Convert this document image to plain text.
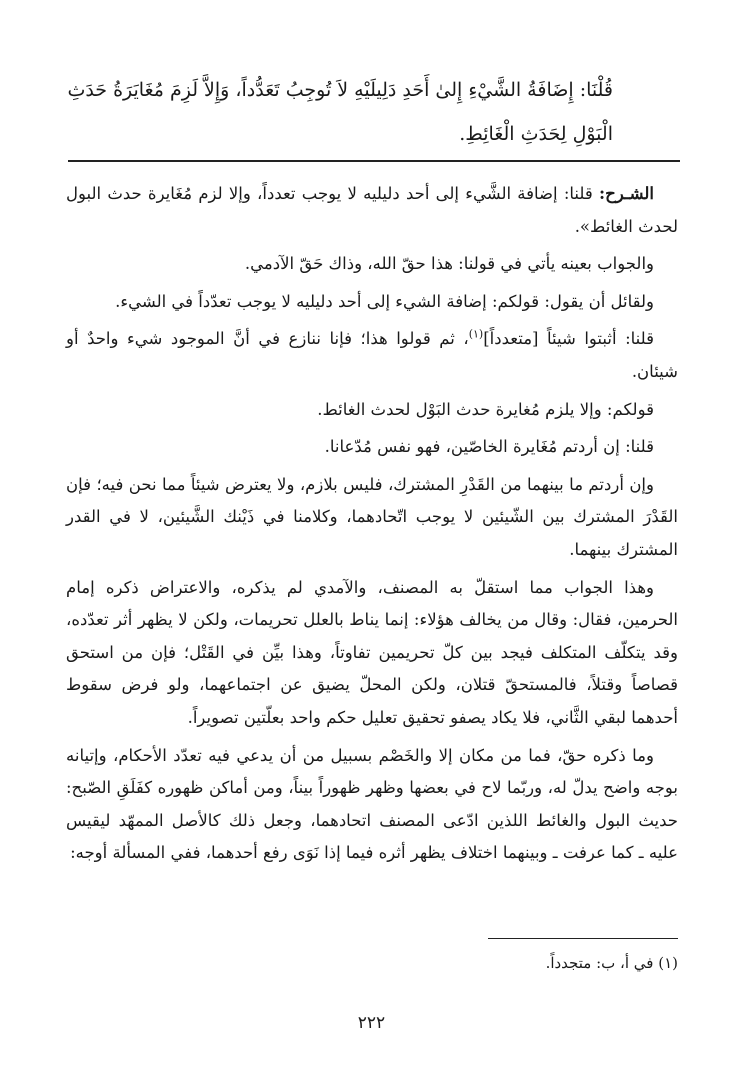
قُلْنَا: إِضَافَةُ الشَّيْءِ إِلىٰ أَحَدِ دَلِيلَيْهِ لاَ تُوجِبُ تَعَدُّداً، وَإِلاَّ لَزِمَ مُغَايَرَةُ حَدَثِ
الْبَوْلِ لِحَدَثِ الْغَائِطِ.

الشـرح: قلنا: إضافة الشَّيء إلى أحد دليليه لا يوجب تعدداً، وإلا لزم مُغَايرة حدث البول لحدث الغائط».

والجواب بعينه يأتي في قولنا: هذا حقّ الله، وذاك حَقّ الآدمي.

ولقائل أن يقول: قولكم: إضافة الشيء إلى أحد دليليه لا يوجب تعدّداً في الشيء.

قلنا: أثبتوا شيئاً [متعدداً]$^{(١)}$، ثم قولوا هذا؛ فإنا ننازع في أنَّ الموجود شيء واحدٌ أو شيئان.

قولكم: وإلا يلزم مُغايرة حدث البَوْل لحدث الغائط.

قلنا: إن أردتم مُغَايرة الخاصّين، فهو نفس مُدّعانا.

وإن أردتم ما بينهما من القَدْرِ المشترك، فليس بلازم، ولا يعترض شيئاً مما نحن فيه؛ فإن القَدْرَ المشترك بين الشّيئين لا يوجب اتّحادهما، وكلامنا في ذَيْنك الشَّيئين، لا في القدر المشترك بينهما.

وهذا الجواب مما استقلّ به المصنف، والآمدي لم يذكره، والاعتراض ذكره إمام الحرمين، فقال: وقال من يخالف هؤلاء: إنما يناط بالعلل تحريمات، ولكن لا يظهر أثر تعدّده، وقد يتكلّف المتكلف فيجد بين كلّ تحريمين تفاوتاً، وهذا بيِّن في القَتْل؛ فإن من استحق قصاصاً وقتلاً، فالمستحقّ قتلان، ولكن المحلّ يضيق عن اجتماعهما، ولو فرض سقوط أحدهما لبقي الثَّاني، فلا يكاد يصفو تحقيق تعليل حكم واحد بعلّتين تصويراً.

وما ذكره حقّ، فما من مكان إلا والخَصْم بسبيل من أن يدعي فيه تعدّد الأحكام، وإتيانه بوجه واضح يدلّ له، وربّما لاح في بعضها وظهر ظهوراً بيناً، ومن أماكن ظهوره كفَلَقِ الصّبح: حديث البول والغائط اللذين ادّعى المصنف اتحادهما، وجعل ذلك كالأصل الممهّد ليقيس عليه ـ كما عرفت ـ وبينهما اختلاف يظهر أثره فيما إذا نَوَى رفع أحدهما، ففي المسألة أوجه:

(١) في أ، ب: متجدداً.
٢٢٢
